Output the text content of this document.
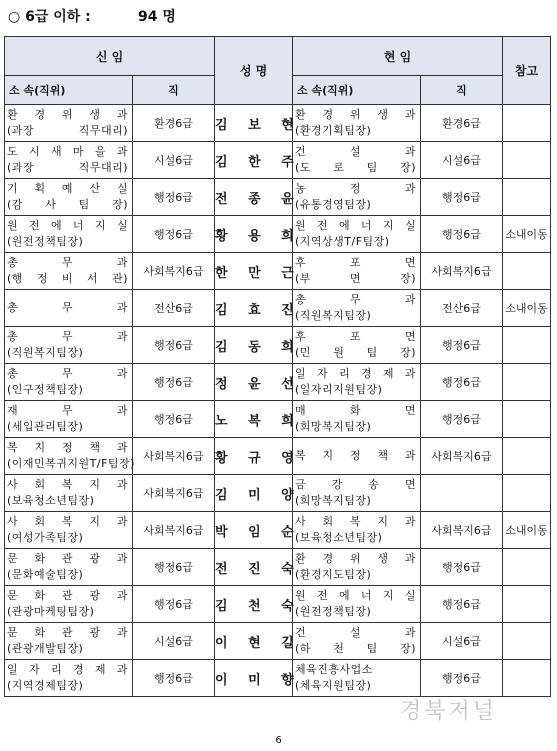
○ 6급 이하 :	94 명
신 임		성 명	현 임		참고
소 속(직위)	직		소 속(직위)	직	

환 경 위 생 과
(과장 직무대리)	환경6급	김 보 현	환 경 위 생 과
(환경기획팀장)	환경6급	

도 시 새 마 을 과
(과장 직무대리)	시설6급	김 한 주	건 설 과
(도 로 팀 장)	시설6급	

기 획 예 산 실
(감 사 팀 장)	행정6급	전 종 윤	농 정 과
(유통경영팀장)	행정6급	

원 전 에 너 지 실
(원전정책팀장)	행정6급	황 용 희	원 전 에 너 지 실
(지역상생T/F팀장)	행정6급	소내이동

총 무 과
(행 정 비 서 관)	사회복지6급	한 만 근	후 포 면
(부 면 장)	사회복지6급	

총 무 과	전산6급	김 효 진	총 무 과
(직원복지팀장)	전산6급	소내이동

총 무 과
(직원복지팀장)	행정6급	김 동 희	후 포 면
(민 원 팀 장)	행정6급	

총 무 과
(인구정책팀장)	행정6급	정 윤 선	일 자 리 경 제 과
(일자리지원팀장)	행정6급	

재 무 과
(세입관리팀장)	행정6급	노 복 희	매 화 면
(희망복지팀장)	행정6급	

복 지 정 책 과
(이재민복귀지원T/F팀장)	사회복지6급	황 규 영	복 지 정 책 과	사회복지6급	

사 회 복 지 과
(보육청소년팀장)	사회복지6급	김 미 양	금 강 송 면
(희망복지팀장)		

사 회 복 지 과
(여성가족팀장)	사회복지6급	박 임 순	사 회 복 지 과
(보육청소년팀장)	사회복지6급	소내이동

문 화 관 광 과
(문화예술팀장)	행정6급	전 진 숙	환 경 위 생 과
(환경지도팀장)	행정6급	

문 화 관 광 과
(관광마케팅팀장)	행정6급	김 천 숙	원 전 에 너 지 실
(원전정책팀장)	행정6급	

문 화 관 광 과
(관광개발팀장)	시설6급	이 현 길	건 설 과
(하 천 팀 장)	시설6급	

일 자 리 경 제 과
(지역경제팀장)	행정6급	이 미 향	체육진흥사업소
(체육지원팀장)	행정6급	
경북저널
6
